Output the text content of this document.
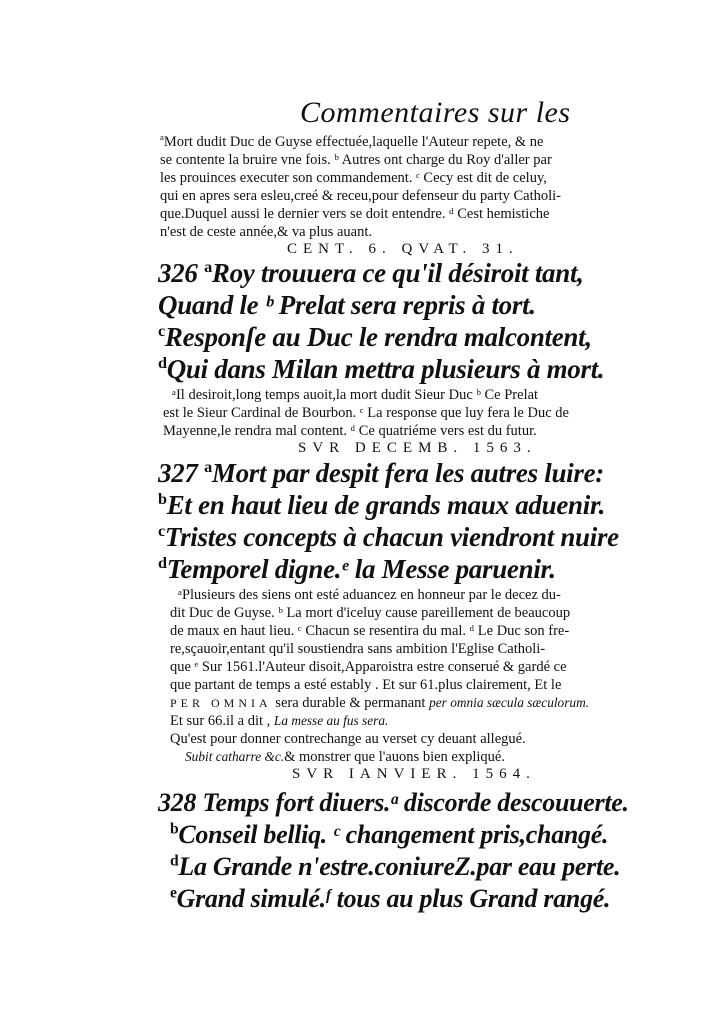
Commentaires sur les
$^a$Mort dudit Duc de Guyse effectuée,laquelle l'Auteur repete, & ne
se contente la bruire vne fois. ᵇ Autres ont charge du Roy d'aller par
les prouinces executer son commandement. ᶜ Cecy est dit de celuy,
qui en apres sera esleu,creé & receu,pour defenseur du party Catholi-
que.Duquel aussi le dernier vers se doit entendre. ᵈ Cest hemistiche
n'est de ceste année,& va plus auant.
CENT. 6. QVAT. 31.
326 $^a$Roy trouuera ce qu'il désiroit tant,
Quand le ᵇ Prelat sera repris à tort.
$^c$Responſe au Duc le rendra malcontent,
$^d$Qui dans Milan mettra plusieurs à mort.
ᵃIl desiroit,long temps auoit,la mort dudit Sieur Duc ᵇ Ce Prelat
est le Sieur Cardinal de Bourbon. ᶜ La response que luy fera le Duc de
Mayenne,le rendra mal content. ᵈ Ce quatriéme vers est du futur.
SVR DECEMB. 1563.
327 $^a$Mort par despit fera les autres luire:
$^b$Et en haut lieu de grands maux aduenir.
$^c$Tristes concepts à chacun viendront nuire
$^d$Temporel digne.ᵉ la Messe paruenir.
ᵃPlusieurs des siens ont esté aduancez en honneur par le decez du-
dit Duc de Guyse. ᵇ La mort d'iceluy cause pareillement de beaucoup
de maux en haut lieu. ᶜ Chacun se resentira du mal. ᵈ Le Duc son fre-
re,sçauoir,entant qu'il soustiendra sans ambition l'Eglise Catholi-
que ᵉ Sur 1561.l'Auteur disoit,Apparoistra estre conserué & gardé ce
que partant de temps a esté estably . Et sur 61.plus clairement, Et le
PER OMNIA sera durable & permanant per omnia sæcula sæculorum.
Et sur 66.il a dit , La messe au fus sera.
Qu'est pour donner contrechange au verset cy deuant allegué.
Subit catharre &c.& monstrer que l'auons bien expliqué.
SVR IANVIER. 1564.
328 Temps fort diuers.ᵃ discorde descouuerte.
$^b$Conseil belliq. ᶜ changement pris,changé.
$^d$La Grande n'estre.coniureZ.par eau perte.
$^e$Grand simulé.ᶠ tous au plus Grand rangé.
